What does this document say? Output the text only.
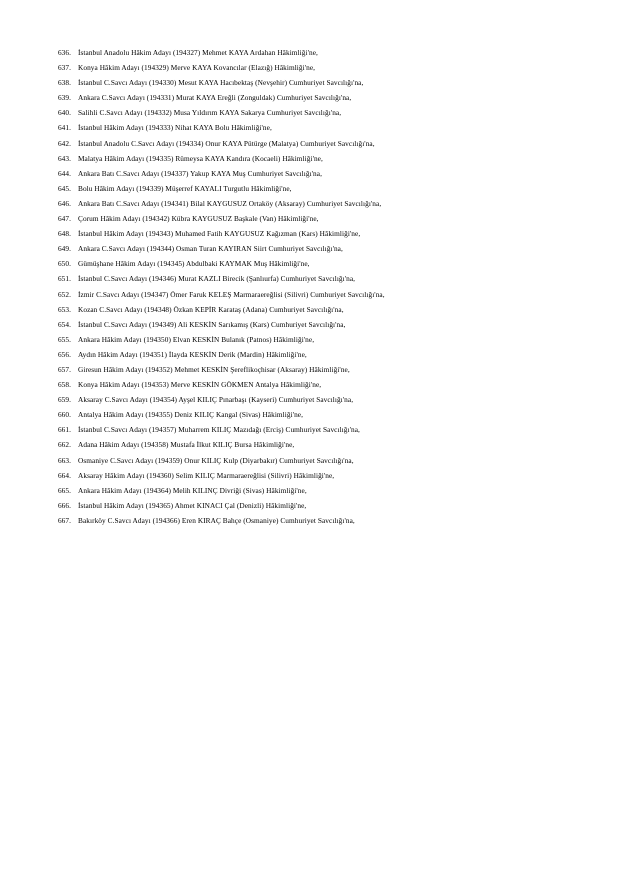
636. İstanbul Anadolu Hâkim Adayı (194327) Mehmet KAYA Ardahan Hâkimliği'ne,
637. Konya Hâkim Adayı (194329) Merve KAYA Kovancılar (Elazığ) Hâkimliği'ne,
638. İstanbul C.Savcı Adayı (194330) Mesut KAYA Hacıbektaş (Nevşehir) Cumhuriyet Savcılığı'na,
639. Ankara C.Savcı Adayı (194331) Murat KAYA Ereğli (Zonguldak) Cumhuriyet Savcılığı'na,
640. Salihli C.Savcı Adayı (194332) Musa Yıldırım KAYA Sakarya Cumhuriyet Savcılığı'na,
641. İstanbul Hâkim Adayı (194333) Nihat KAYA Bolu Hâkimliği'ne,
642. İstanbul Anadolu C.Savcı Adayı (194334) Onur KAYA Pütürge (Malatya) Cumhuriyet Savcılığı'na,
643. Malatya Hâkim Adayı (194335) Rümeysa KAYA Kandıra (Kocaeli) Hâkimliği'ne,
644. Ankara Batı C.Savcı Adayı (194337) Yakup KAYA Muş Cumhuriyet Savcılığı'na,
645. Bolu Hâkim Adayı (194339) Müşerref KAYALI Turgutlu Hâkimliği'ne,
646. Ankara Batı C.Savcı Adayı (194341) Bilal KAYGUSUZ Ortaköy (Aksaray) Cumhuriyet Savcılığı'na,
647. Çorum Hâkim Adayı (194342) Kübra KAYGUSUZ Başkale (Van) Hâkimliği'ne,
648. İstanbul Hâkim Adayı (194343) Muhamed Fatih KAYGUSUZ Kağızman (Kars) Hâkimliği'ne,
649. Ankara C.Savcı Adayı (194344) Osman Turan KAYIRAN Siirt Cumhuriyet Savcılığı'na,
650. Gümüşhane Hâkim Adayı (194345) Abdulbaki KAYMAK Muş Hâkimliği'ne,
651. İstanbul C.Savcı Adayı (194346) Murat KAZLI Birecik (Şanlıurfa) Cumhuriyet Savcılığı'na,
652. İzmir C.Savcı Adayı (194347) Ömer Faruk KELEŞ Marmaraereğlisi (Silivri) Cumhuriyet Savcılığı'na,
653. Kozan C.Savcı Adayı (194348) Özkan KEPİR Karataş (Adana) Cumhuriyet Savcılığı'na,
654. İstanbul C.Savcı Adayı (194349) Ali KESKİN Sarıkamış (Kars) Cumhuriyet Savcılığı'na,
655. Ankara Hâkim Adayı (194350) Elvan KESKİN Bulanık (Patnos) Hâkimliği'ne,
656. Aydın Hâkim Adayı (194351) İlayda KESKİN Derik (Mardin) Hâkimliği'ne,
657. Giresun Hâkim Adayı (194352) Mehmet KESKİN Şereflikoçhisar (Aksaray) Hâkimliği'ne,
658. Konya Hâkim Adayı (194353) Merve KESKİN GÖKMEN Antalya Hâkimliği'ne,
659. Aksaray C.Savcı Adayı (194354) Ayşel KILIÇ Pınarbaşı (Kayseri) Cumhuriyet Savcılığı'na,
660. Antalya Hâkim Adayı (194355) Deniz KILIÇ Kangal (Sivas) Hâkimliği'ne,
661. İstanbul C.Savcı Adayı (194357) Muharrem KILIÇ Mazıdağı (Erciş) Cumhuriyet Savcılığı'na,
662. Adana Hâkim Adayı (194358) Mustafa İlkut KILIÇ Bursa Hâkimliği'ne,
663. Osmaniye C.Savcı Adayı (194359) Onur KILIÇ Kulp (Diyarbakır) Cumhuriyet Savcılığı'na,
664. Aksaray Hâkim Adayı (194360) Selim KILIÇ Marmaraereğlisi (Silivri) Hâkimliği'ne,
665. Ankara Hâkim Adayı (194364) Melih KILINÇ Divriği (Sivas) Hâkimliği'ne,
666. İstanbul Hâkim Adayı (194365) Ahmet KINACI Çal (Denizli) Hâkimliği'ne,
667. Bakırköy C.Savcı Adayı (194366) Eren KIRAÇ Bahçe (Osmaniye) Cumhuriyet Savcılığı'na,
